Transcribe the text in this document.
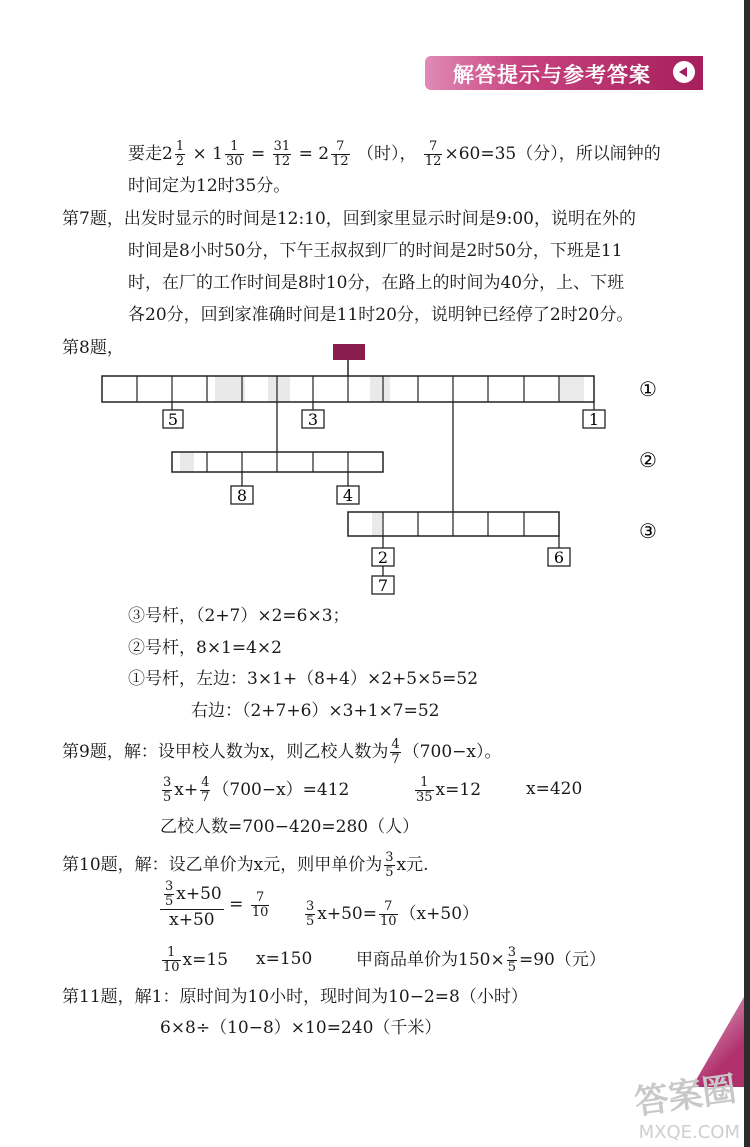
解答提示与参考答案
要走$2 \frac{1}{2} \times 1 \frac{1}{30} = \frac{31}{12} = 2 \frac{7}{12}$ （时）， $\frac{7}{12} \times 60=35$（分），所以闹钟的
时间定为12时35分。
第7题，出发时显示的时间是12:10，回到家里显示时间是9:00，说明在外的
时间是8小时50分，下午王叔叔到厂的时间是2时50分，下班是11
时，在厂的工作时间是8时10分，在路上的时间为40分，上、下班
各20分，回到家准确时间是11时20分，说明钟已经停了2时20分。
第8题，
5	3	1
8	4
2	6
7
①
②
③
③号杆，（2+7）×2=6×3；
②号杆，8×1=4×2
①号杆，左边：3×1+（8+4）×2+5×5=52
右边：（2+7+6）×3+1×7=52
第9题，解：设甲校人数为x，则乙校人数为 $\frac{4}{7} (700-x)$。
$\frac{3}{5} x+ \frac{4}{7} (700-x)=412$	$\frac{1}{35} x=12$	x=420
乙校人数=700−420=280（人）
第10题，解：设乙单价为x元，则甲单价为 $\frac{3}{5}$ x元.
$\frac{\frac{3}{5} x+50}{x+50} = \frac{7}{10}$	$\frac{3}{5} x+50= \frac{7}{10} (x+50)$
$\frac{1}{10} x=15$ x=150	甲商品单价为$150\times \frac{3}{5} =90$（元）
第11题，解1：原时间为10小时，现时间为10−2=8（小时）
6×8÷（10−8）×10=240（千米）
答案圈
MXQE.COM
